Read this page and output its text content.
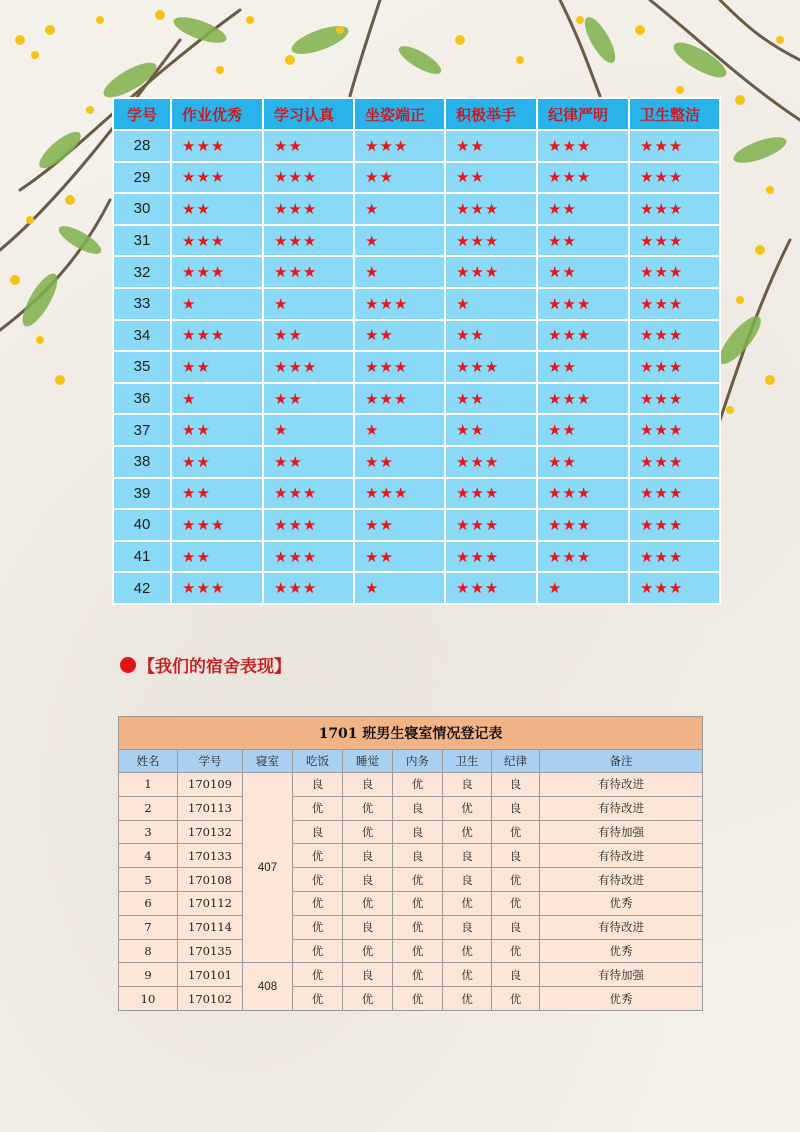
学号	作业优秀	学习认真	坐姿端正	积极举手	纪律严明	卫生整洁
28	★★★	★★	★★★	★★	★★★	★★★
29	★★★	★★★	★★	★★	★★★	★★★
30	★★	★★★	★	★★★	★★	★★★
31	★★★	★★★	★	★★★	★★	★★★
32	★★★	★★★	★	★★★	★★	★★★
33	★	★	★★★	★	★★★	★★★
34	★★★	★★	★★	★★	★★★	★★★
35	★★	★★★	★★★	★★★	★★	★★★
36	★	★★	★★★	★★	★★★	★★★
37	★★	★	★	★★	★★	★★★
38	★★	★★	★★	★★★	★★	★★★
39	★★	★★★	★★★	★★★	★★★	★★★
40	★★★	★★★	★★	★★★	★★★	★★★
41	★★	★★★	★★	★★★	★★★	★★★
42	★★★	★★★	★	★★★	★	★★★
【我们的宿舍表现】
1701 班男生寝室情况登记表								
姓名	学号	寝室	吃饭	睡觉	内务	卫生	纪律	备注
1	170109	407	良	良	优	良	良	有待改进
2	170113		优	优	良	优	良	有待改进
3	170132		良	优	良	优	优	有待加强
4	170133		优	良	良	良	良	有待改进
5	170108		优	良	优	良	优	有待改进
6	170112		优	优	优	优	优	优秀
7	170114		优	良	优	良	良	有待改进
8	170135		优	优	优	优	优	优秀
9	170101	408	优	良	优	优	良	有待加强
10	170102		优	优	优	优	优	优秀
